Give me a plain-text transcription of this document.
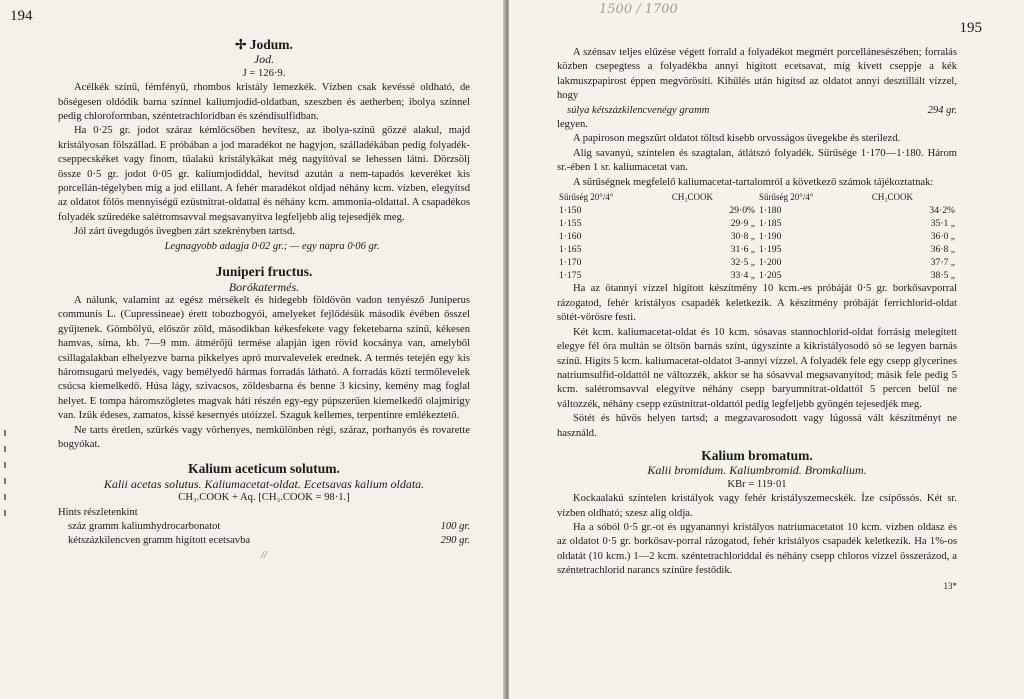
194

✢ Jodum.

Jod.

J = 126·9.

Acélkék színű, fémfényű, rhombos kristály lemezkék. Vízben csak kevéssé oldható, de bőségesen oldódik barna színnel kaliumjodid-oldatban, szeszben és aetherben; ibolya színnel pedig chloroformban, széntetrachloridban és széndisulfidban.

Ha 0·25 gr. jodot száraz kémlőcsőben hevítesz, az ibolya-színű gőzzé alakul, majd kristályosan fölszállad. E próbában a jod maradékot ne hagyjon, szálladékában pedig folyadék-cseppecskéket vagy finom, tűalakú kristálykákat még nagyítóval se lehessen látni. Dörzsölj össze 0·5 gr. jodot 0·05 gr. kaliumjodiddal, hevítsd azután a nem-tapadós keveréket kis porcellán-tégelyben míg a jod elillant. A fehér maradékot oldjad néhány kcm. vízben, elegyítsd az oldatot fölös mennyiségű ezüstnitrat-oldattal és néhány kcm. ammonia-oldattal. A csapadékos folyadék szűredéke salétromsavval megsavanyítva legfeljebb alig tejesedjék meg.

Jól zárt üvegdugós üvegben zárt szekrényben tartsd.

Legnagyobb adagja 0·02 gr.; — egy napra 0·06 gr.

Juniperi fructus.

Borókatermés.

A nálunk, valamint az egész mérsékelt és hidegebb földövön vadon tenyésző Juniperus communis L. (Cupressineae) érett tobozbogyói, amelyeket fejlődésük második évében ősszel gyűjtenek. Gömbölyű, először zöld, másodikban kékesfekete vagy feketebarna színű, kékesen hamvas, síma, kb. 7—9 mm. átmérőjű termése alapján igen rövid kocsánya van, amelyből csillagalakban elhelyezve barna pikkelyes apró murvalevelek erednek. A termés tetején egy kis háromsugarú melyedés, vagy bemélyedő hármas forradás látható. A forradás közti termőlevelek csúcsa kiemelkedő. Húsa lágy, szivacsos, zöldesbarna és benne 3 kicsiny, kemény mag foglal helyet. E tompa háromszögletes magvak háti részén egy-egy púpszerűen kiemelkedő olajmirigy van. Izük édeses, zamatos, kissé kesernyés utóízzel. Szaguk kellemes, terpentinre emlékeztető.

Ne tarts éretlen, szürkés vagy vörhenyes, nemkülönben régi, száraz, porhanyós és rovarette bogyókat.

Kalium aceticum solutum.

Kalii acetas solutus. Kaliumacetat-oldat. Ecetsavas kalium oldata.

CH₃.COOK + Aq. [CH₃.COOK = 98·1.]

Hints részletenkint

száz gramm kaliumhydrocarbonatot	100 gr.
kétszázkilencven gramm higított ecetsavba	290 gr.

//

1500 / 1700
195

A szénsav teljes elűzése végett forrald a folyadékot megmért porcellánesészében; forralás közben csepegtess a folyadékba annyi higított ecetsavat, míg kivett cseppje a kék lakmuszpapirost éppen megvörösíti. Kihűlés után higítsd az oldatot annyi desztillált vízzel, hogy

súlya kétszázkilencvenégy gramm	294 gr.

legyen.

A papiroson megszűrt oldatot töltsd kisebb orvosságos üvegekbe és sterilezd.

Alig savanyú, színtelen és szagtalan, átlátszó folyadék. Sűrűsége 1·170—1·180. Három sr.-ében 1 sr. kaliumacetat van.

A sűrűségnek megfelelő kaliumacetat-tartalomról a következő számok tájékoztatnak:

Sűrűség 20°/4°	CH₃COOK	Sűrűség 20°/4°	CH₃COOK
1·150	29·0%	1·180	34·2%
1·155	29·9 „	1·185	35·1 „
1·160	30·8 „	1·190	36·0 „
1·165	31·6 „	1·195	36·8 „
1·170	32·5 „	1·200	37·7 „
1·175	33·4 „	1·205	38·5 „

Ha az ötannyi vízzel higított készítmény 10 kcm.-es próbáját 0·5 gr. borkősavporral rázogatod, fehér kristályos csapadék keletkezik. A készítmény próbáját ferrichlorid-oldat sötét-vörösre festi.

Két kcm. kaliumacetat-oldat és 10 kcm. sósavas stannochlorid-oldat forrásig melegített elegye fél óra multán se öltsön barnás színt, úgyszinte a kikristályosodó só se legyen barnás színű. Higíts 5 kcm. kaliumacetat-oldatot 3-annyi vízzel. A folyadék fele egy csepp glycerines natriumsulfid-oldattól ne változzék, akkor se ha sósavval megsavanyítod; másik fele pedig 5 kcm. salétromsavval elegyítve néhány csepp baryumnitrat-oldattól 5 percen belül ne változzék, néhány csepp ezüstnitrat-oldattól pedig legfeljebb gyöngén tejesedjék meg.

Sötét és hűvös helyen tartsd; a megzavarosodott vagy lúgossá vált készítményt ne használd.

Kalium bromatum.

Kalii bromidum. Kaliumbromid. Bromkalium.

KBr = 119·01

Kockaalakú színtelen kristályok vagy fehér kristályszemecskék. Íze csípőssós. Két sr. vízben oldható; szesz alig oldja.

Ha a sóból 0·5 gr.-ot és ugyanannyi kristályos natriumacetatot 10 kcm. vízben oldasz és az oldatot 0·5 gr. borkősav-porral rázogatod, fehér kristályos csapadék keletkezik. Ha 1%-os oldatát (10 kcm.) 1—2 kcm. széntetrachloriddal és néhány csepp chloros vízzel összerázod, a széntetrachlorid narancs színűre festődik.

13*
